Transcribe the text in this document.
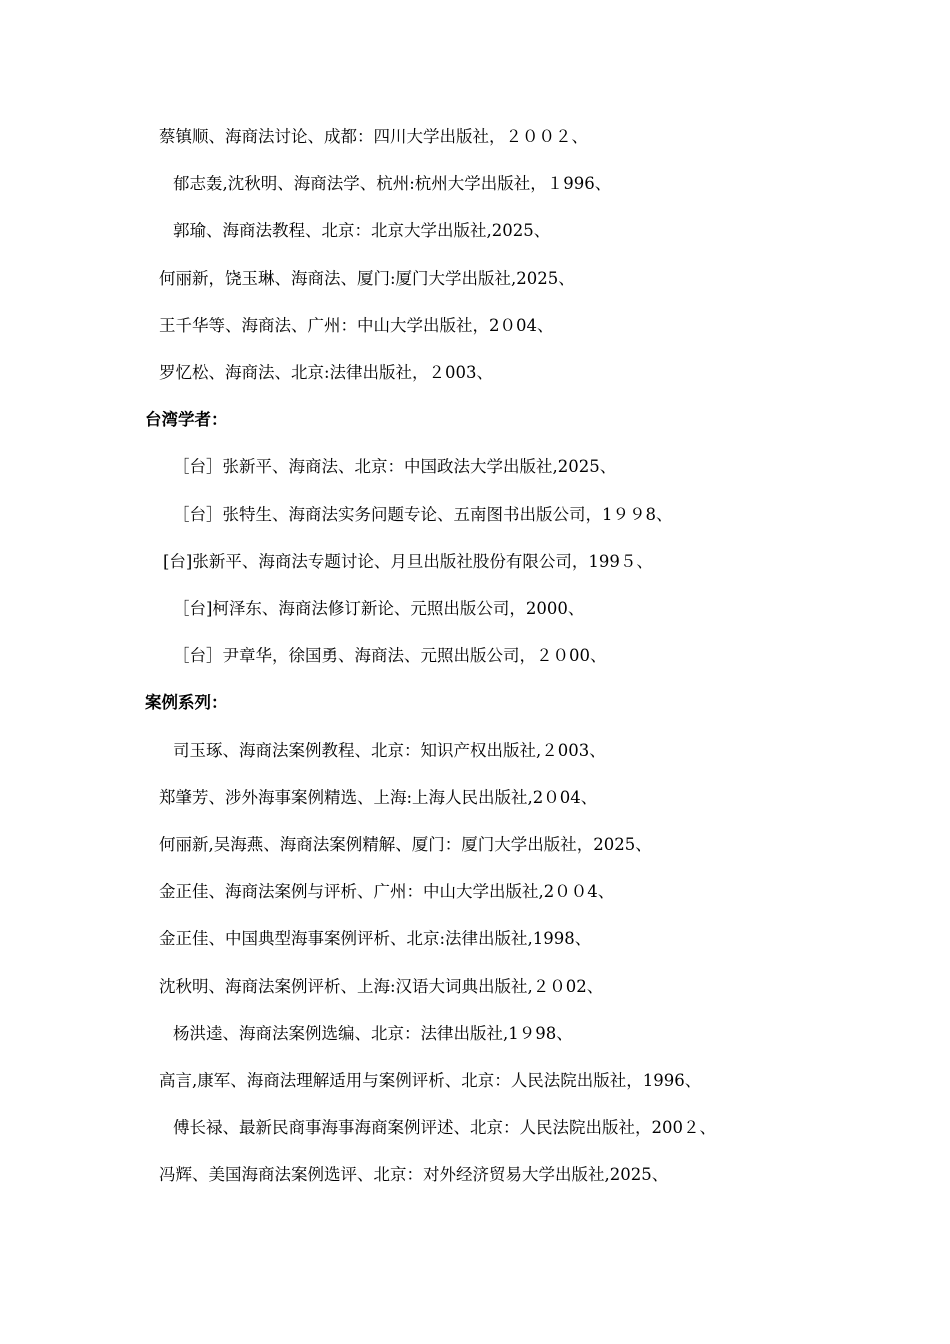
蔡镇顺、海商法讨论、成都：四川大学出版社，２００２、
郁志轰,沈秋明、海商法学、杭州:杭州大学出版社，１996、
郭瑜、海商法教程、北京：北京大学出版社,2025、
何丽新，饶玉琳、海商法、厦门:厦门大学出版社,2025、
王千华等、海商法、广州：中山大学出版社，2０04、
罗忆松、海商法、北京:法律出版社，２003、
台湾学者：
［台］张新平、海商法、北京：中国政法大学出版社,2025、
［台］张特生、海商法实务问题专论、五南图书出版公司，1９９8、
[台]张新平、海商法专题讨论、月旦出版社股份有限公司，199５、
［台]柯泽东、海商法修订新论、元照出版公司，2000、
［台］尹章华，徐国勇、海商法、元照出版公司，２０00、
案例系列：
司玉琢、海商法案例教程、北京：知识产权出版社,２003、
郑肇芳、涉外海事案例精选、上海:上海人民出版社,2０04、
何丽新,吴海燕、海商法案例精解、厦门：厦门大学出版社，2025、
金正佳、海商法案例与评析、广州：中山大学出版社,2００4、
金正佳、中国典型海事案例评析、北京:法律出版社,1998、
沈秋明、海商法案例评析、上海:汉语大词典出版社,２０02、
杨洪逵、海商法案例选编、北京：法律出版社,1９98、
高言,康军、海商法理解适用与案例评析、北京：人民法院出版社，1996、
傅长禄、最新民商事海事海商案例评述、北京：人民法院出版社，200２、
冯辉、美国海商法案例选评、北京：对外经济贸易大学出版社,2025、
